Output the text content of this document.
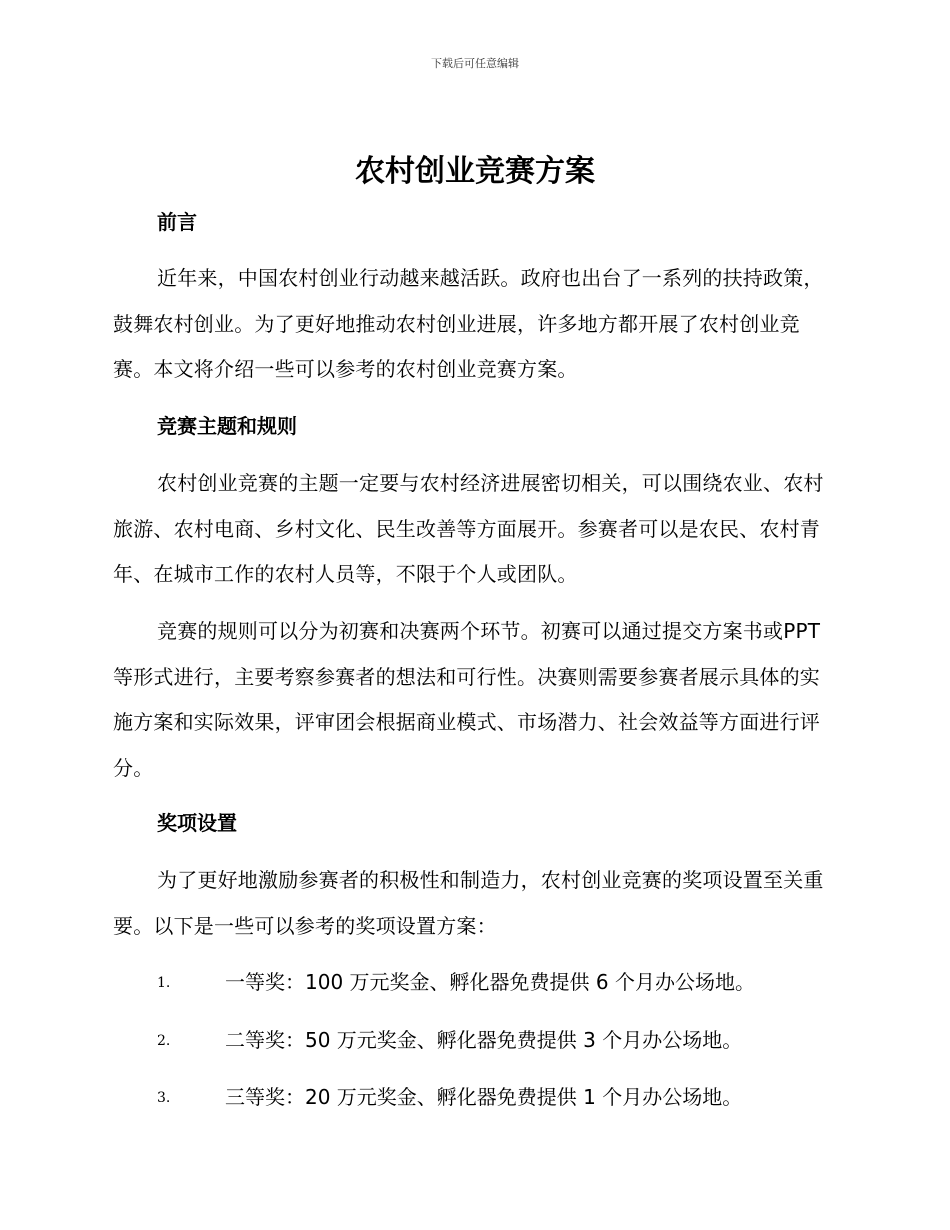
下载后可任意编辑
农村创业竞赛方案
前言
近年来，中国农村创业行动越来越活跃。政府也出台了一系列的扶持政策，鼓舞农村创业。为了更好地推动农村创业进展，许多地方都开展了农村创业竞赛。本文将介绍一些可以参考的农村创业竞赛方案。
竞赛主题和规则
农村创业竞赛的主题一定要与农村经济进展密切相关，可以围绕农业、农村旅游、农村电商、乡村文化、民生改善等方面展开。参赛者可以是农民、农村青年、在城市工作的农村人员等，不限于个人或团队。
竞赛的规则可以分为初赛和决赛两个环节。初赛可以通过提交方案书或PPT 等形式进行，主要考察参赛者的想法和可行性。决赛则需要参赛者展示具体的实施方案和实际效果，评审团会根据商业模式、市场潜力、社会效益等方面进行评分。
奖项设置
为了更好地激励参赛者的积极性和制造力，农村创业竞赛的奖项设置至关重要。以下是一些可以参考的奖项设置方案：
1.	一等奖：100 万元奖金、孵化器免费提供 6 个月办公场地。
2.	二等奖：50 万元奖金、孵化器免费提供 3 个月办公场地。
3.	三等奖：20 万元奖金、孵化器免费提供 1 个月办公场地。
